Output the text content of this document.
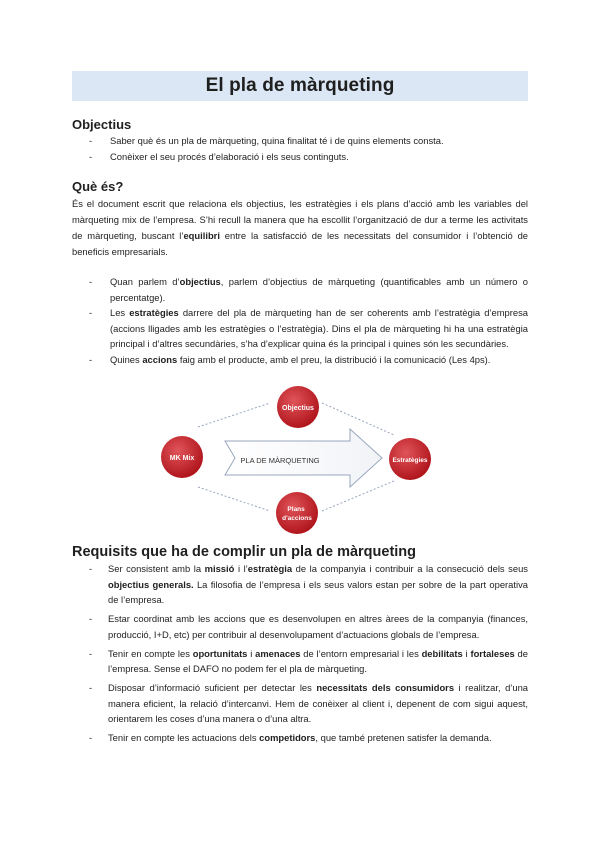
El pla de màrqueting
Objectius
- Saber què és un pla de màrqueting, quina finalitat té i de quins elements consta.
- Conèixer el seu procés d’elaboració i els seus continguts.
Què és?

És el document escrit que relaciona els objectius, les estratègies i els plans d’acció amb les variables del màrqueting mix de l’empresa. S’hi recull la manera que ha escollit l’organització de dur a terme les activitats de màrqueting, buscant l’equilibri entre la satisfacció de les necessitats del consumidor i l’obtenció de beneficis empresarials.

- Quan parlem d’objectius, parlem d’objectius de màrqueting (quantificables amb un número o percentatge).
- Les estratègies darrere del pla de màrqueting han de ser coherents amb l’estratègia d’empresa (accions lligades amb les estratègies o l’estratègia). Dins el pla de màrqueting hi ha una estratègia principal i d’altres secundàries, s’ha d’explicar quina és la principal i quines són les secundàries.
- Quines accions faig amb el producte, amb el preu, la distribució i la comunicació (Les 4ps).
PLA DE MÀRQUETING
Objectius
MK Mix	Estratègies
Plans d'accions
Requisits que ha de complir un pla de màrqueting
- Ser consistent amb la missió i l’estratègia de la companyia i contribuir a la consecució dels seus objectius generals. La filosofia de l’empresa i els seus valors estan per sobre de la part operativa de l’empresa.
- Estar coordinat amb les accions que es desenvolupen en altres àrees de la companyia (finances, producció, I+D, etc) per contribuir al desenvolupament d’actuacions globals de l’empresa.
- Tenir en compte les oportunitats i amenaces de l’entorn empresarial i les debilitats i fortaleses de l’empresa. Sense el DAFO no podem fer el pla de màrqueting.
- Disposar d’informació suficient per detectar les necessitats dels consumidors i realitzar, d’una manera eficient, la relació d’intercanvi. Hem de conèixer al client i, depenent de com sigui aquest, orientarem les coses d’una manera o d’una altra.
- Tenir en compte les actuacions dels competidors, que també pretenen satisfer la demanda.
